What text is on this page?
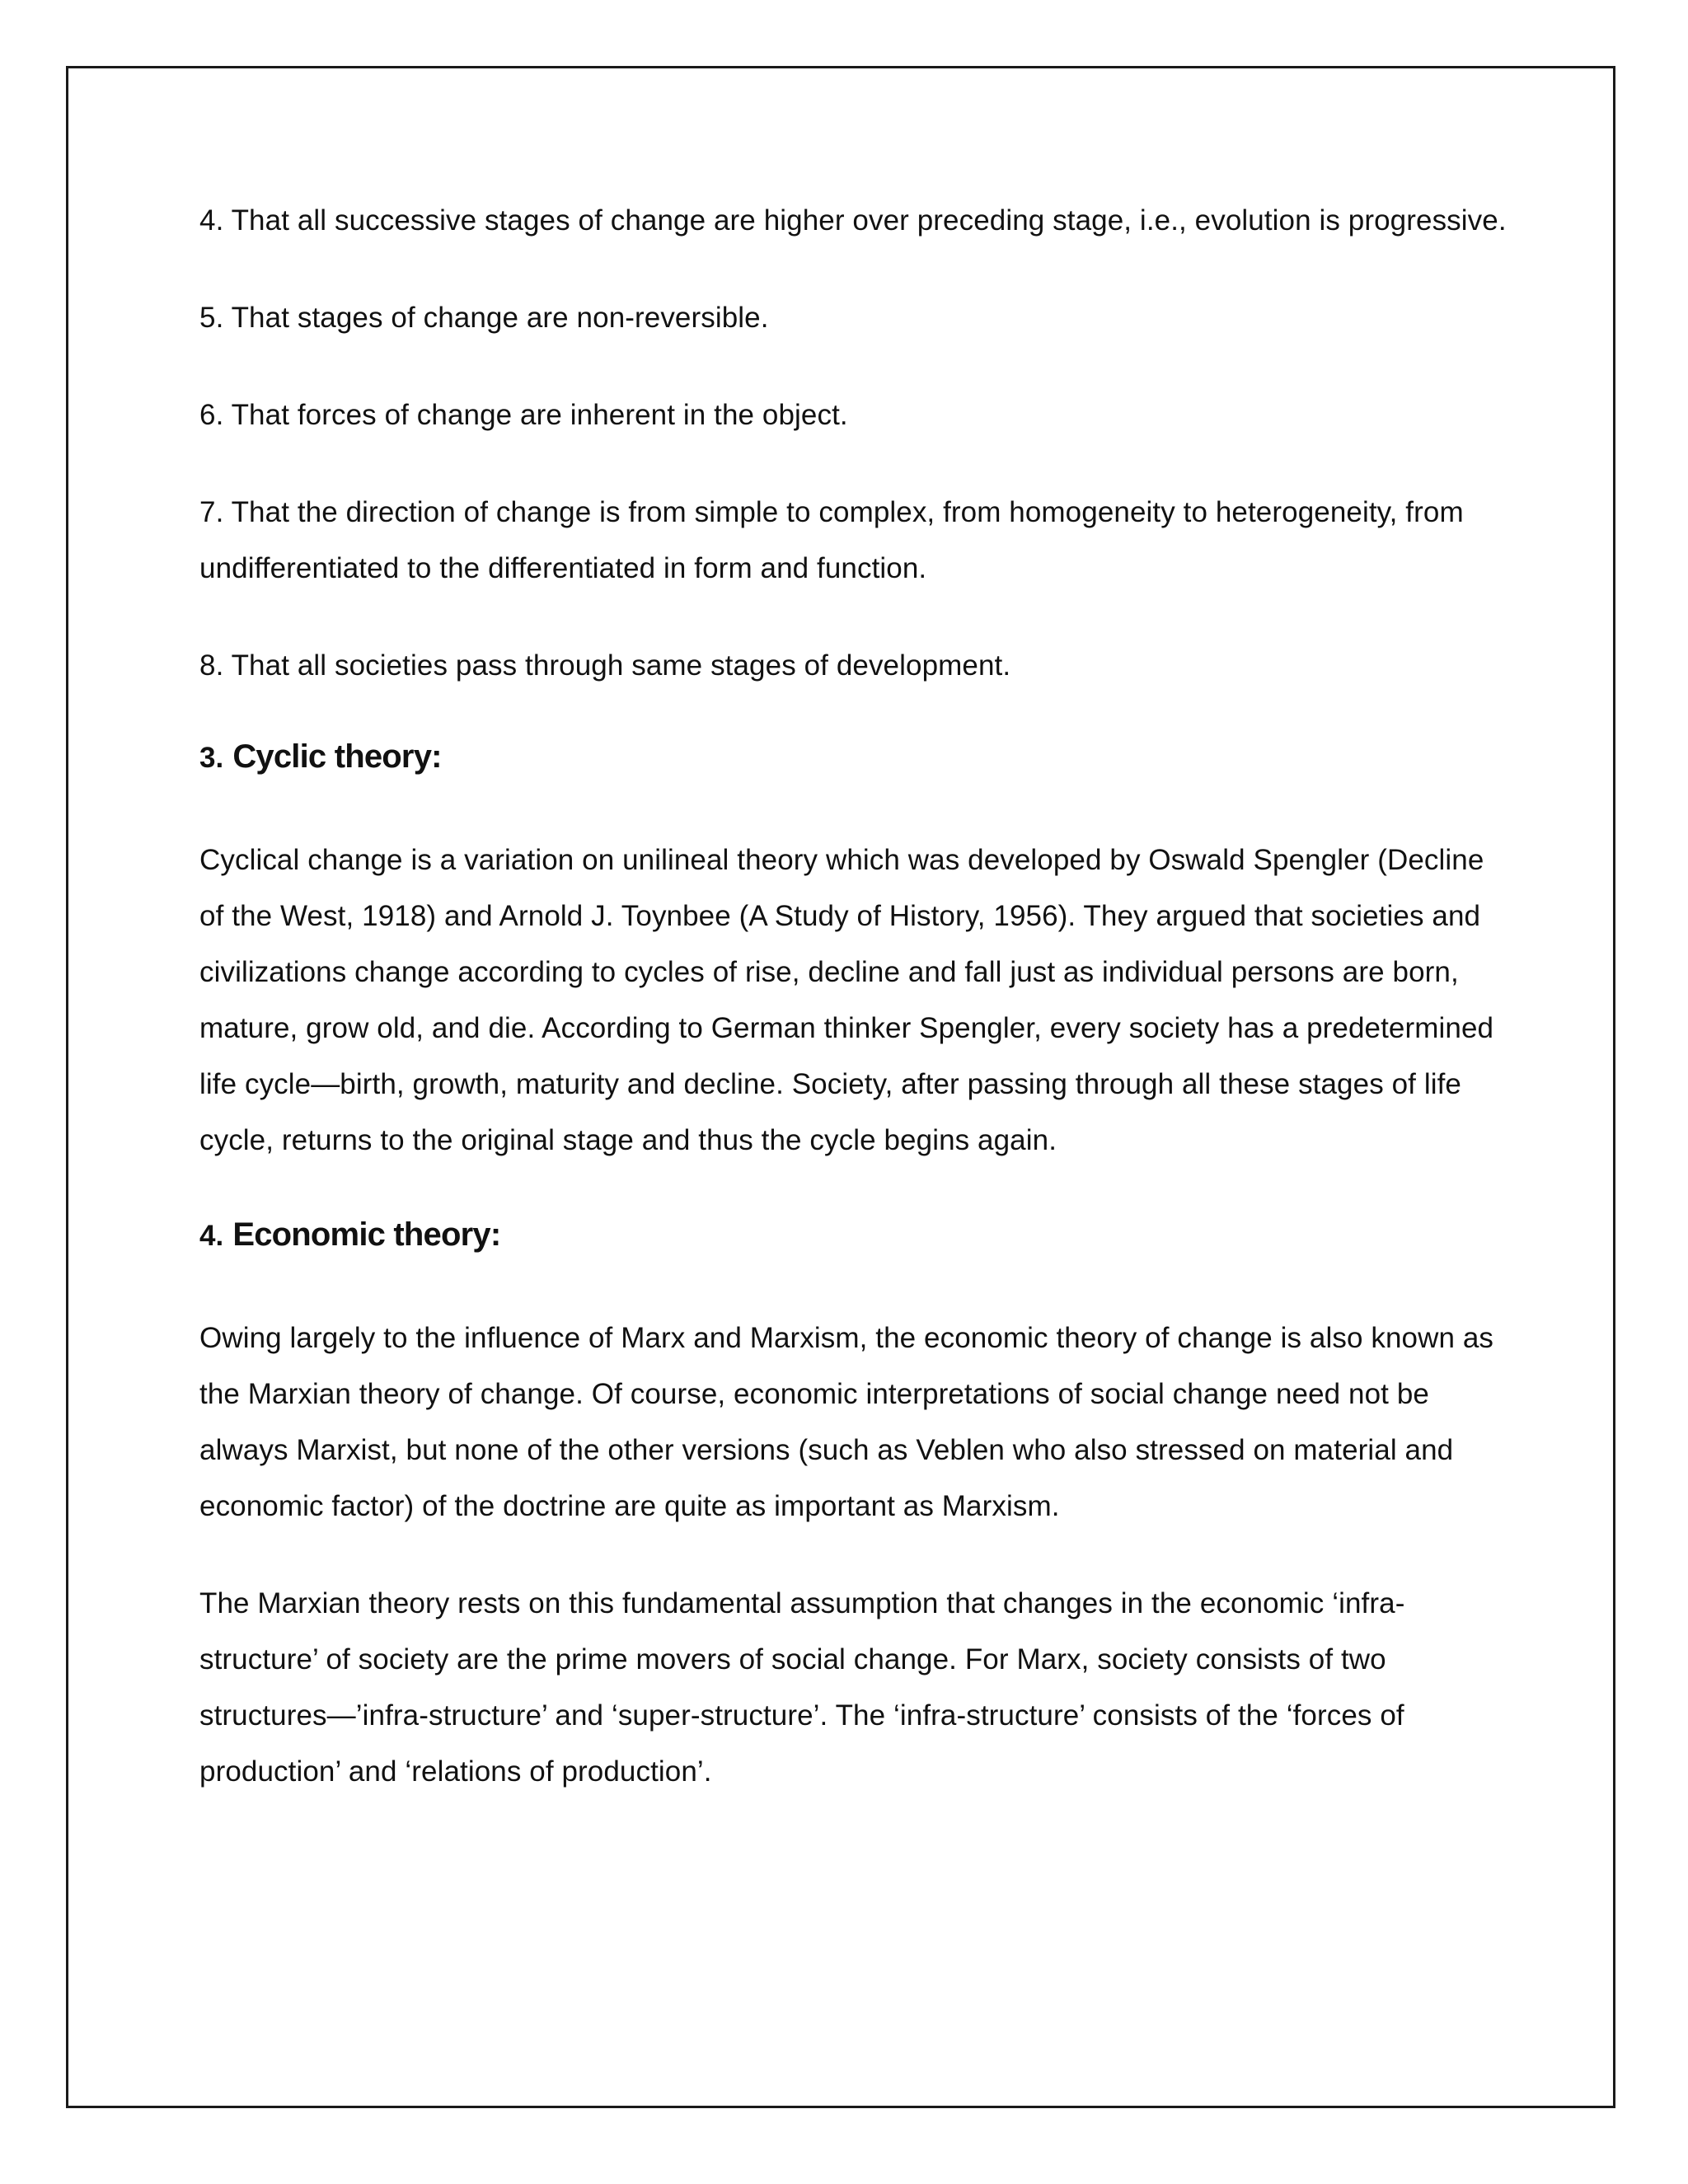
4. That all successive stages of change are higher over preceding stage, i.e., evolution is progressive.

5. That stages of change are non-reversible.

6. That forces of change are inherent in the object.

7. That the direction of change is from simple to complex, from homogeneity to heterogeneity, from undifferentiated to the differentiated in form and function.

8. That all societies pass through same stages of development.

3. Cyclic theory:

Cyclical change is a variation on unilineal theory which was developed by Oswald Spengler (Decline of the West, 1918) and Arnold J. Toynbee (A Study of History, 1956). They argued that societies and civilizations change according to cycles of rise, decline and fall just as individual persons are born, mature, grow old, and die. According to German thinker Spengler, every society has a predetermined life cycle—birth, growth, maturity and decline. Society, after passing through all these stages of life cycle, returns to the original stage and thus the cycle begins again.

4. Economic theory:

Owing largely to the influence of Marx and Marxism, the economic theory of change is also known as the Marxian theory of change. Of course, economic interpretations of social change need not be always Marxist, but none of the other versions (such as Veblen who also stressed on material and economic factor) of the doctrine are quite as important as Marxism.

The Marxian theory rests on this fundamental assumption that changes in the economic ‘infra-structure’ of society are the prime movers of social change. For Marx, society consists of two structures—’infra-structure’ and ‘super-structure’. The ‘infra-structure’ consists of the ‘forces of production’ and ‘relations of production’.
